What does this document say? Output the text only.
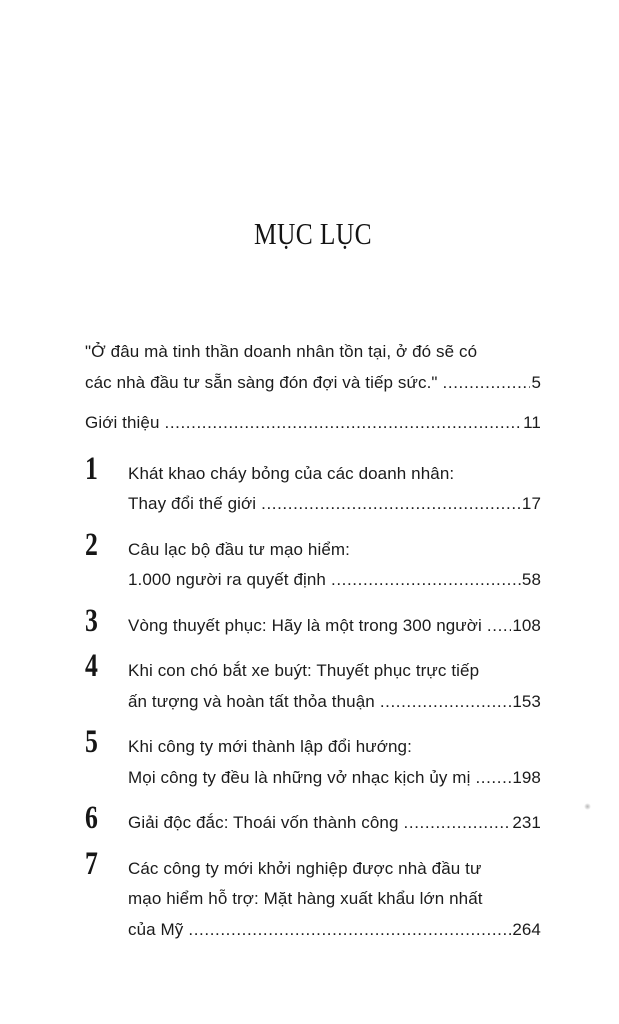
MỤC LỤC
"Ở đâu mà tinh thần doanh nhân tồn tại, ở đó sẽ có
các nhà đầu tư sẵn sàng đón đợi và tiếp sức." .....	5
Giới thiệu .....	11
1	Khát khao cháy bỏng của các doanh nhân:
Thay đổi thế giới .....	17
2	Câu lạc bộ đầu tư mạo hiểm:
1.000 người ra quyết định .....	58
3	Vòng thuyết phục: Hãy là một trong 300 người ..... 108
4	Khi con chó bắt xe buýt: Thuyết phục trực tiếp
ấn tượng và hoàn tất thỏa thuận .....	153
5	Khi công ty mới thành lập đổi hướng:
Mọi công ty đều là những vở nhạc kịch ủy mị ..... 198
6	Giải độc đắc: Thoái vốn thành công .....	231
7	Các công ty mới khởi nghiệp được nhà đầu tư
mạo hiểm hỗ trợ: Mặt hàng xuất khẩu lớn nhất
của Mỹ .....	264
